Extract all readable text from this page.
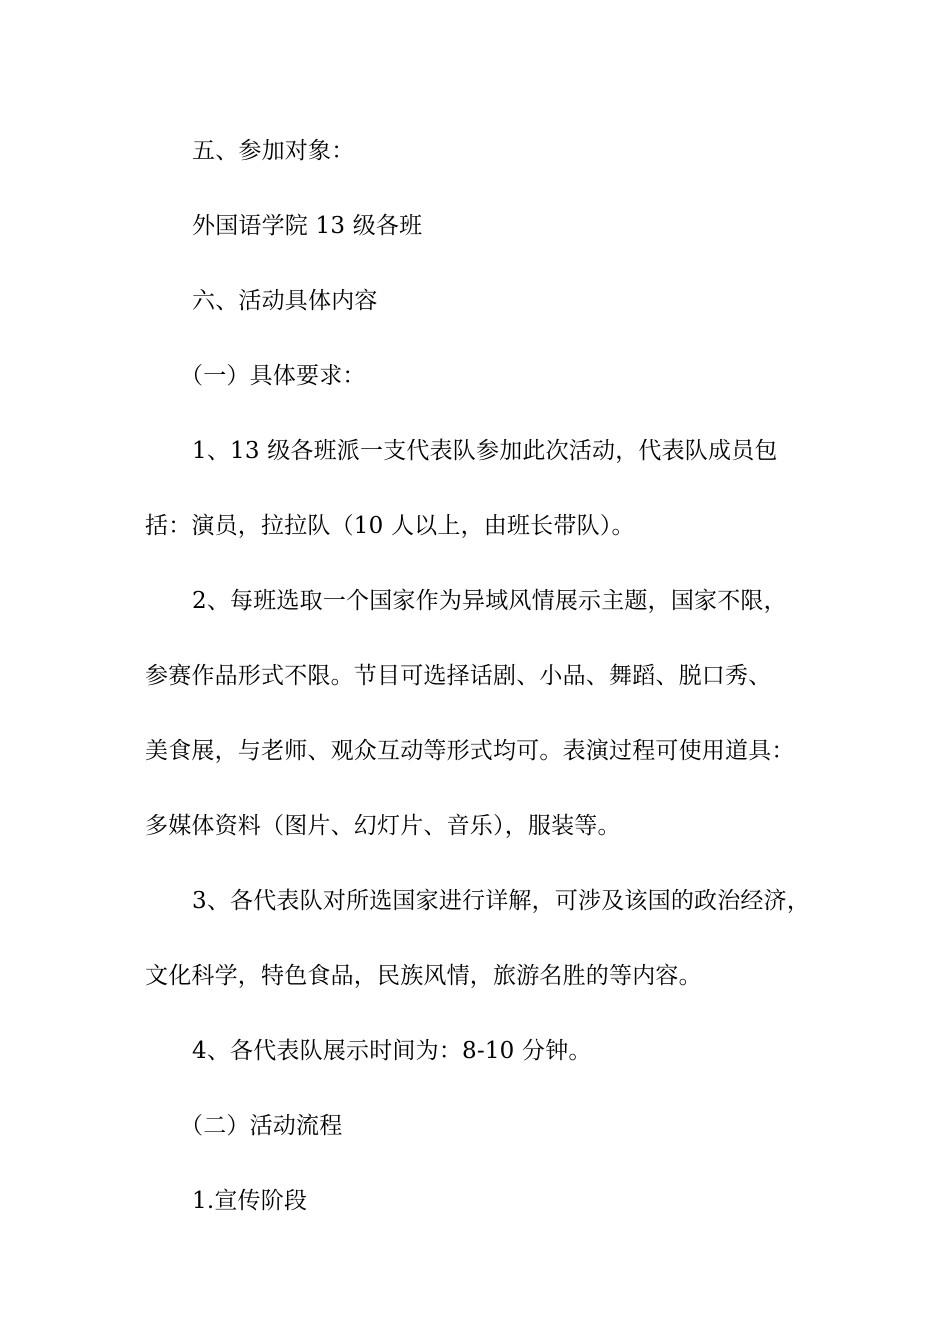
五、参加对象：
外国语学院 13 级各班
六、活动具体内容
（一）具体要求：
1、13 级各班派一支代表队参加此次活动，代表队成员包
括：演员，拉拉队（10 人以上，由班长带队）。
2、每班选取一个国家作为异域风情展示主题，国家不限，
参赛作品形式不限。节目可选择话剧、小品、舞蹈、脱口秀、
美食展，与老师、观众互动等形式均可。表演过程可使用道具：
多媒体资料（图片、幻灯片、音乐），服装等。
3、各代表队对所选国家进行详解，可涉及该国的政治经济，
文化科学，特色食品，民族风情，旅游名胜的等内容。
4、各代表队展示时间为：8-10 分钟。
（二）活动流程
1.宣传阶段
